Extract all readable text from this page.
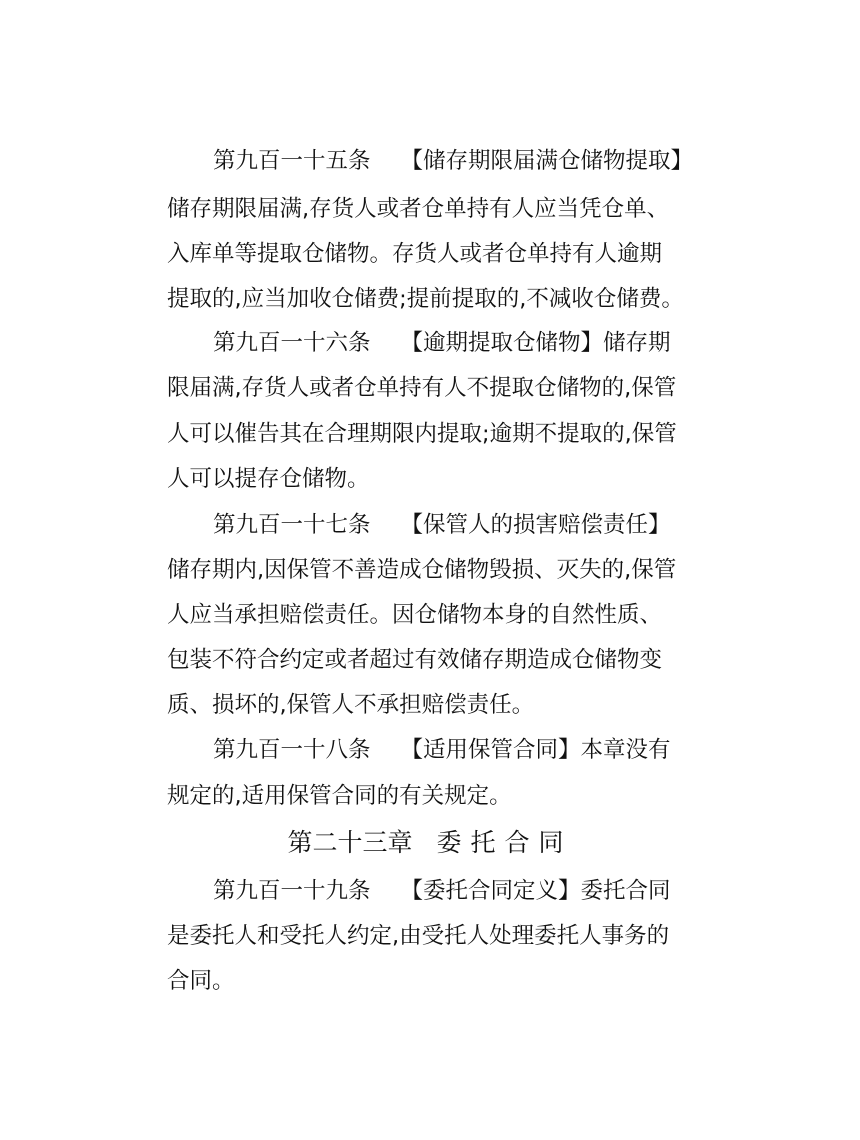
第九百一十五条 【储存期限届满仓储物提取】
储存期限届满,存货人或者仓单持有人应当凭仓单、
入库单等提取仓储物。存货人或者仓单持有人逾期
提取的,应当加收仓储费;提前提取的,不减收仓储费。
第九百一十六条 【逾期提取仓储物】储存期
限届满,存货人或者仓单持有人不提取仓储物的,保管
人可以催告其在合理期限内提取;逾期不提取的,保管
人可以提存仓储物。
第九百一十七条 【保管人的损害赔偿责任】
储存期内,因保管不善造成仓储物毁损、灭失的,保管
人应当承担赔偿责任。因仓储物本身的自然性质、
包装不符合约定或者超过有效储存期造成仓储物变
质、损坏的,保管人不承担赔偿责任。
第九百一十八条 【适用保管合同】本章没有
规定的,适用保管合同的有关规定。
第二十三章 委托合同
第九百一十九条 【委托合同定义】委托合同
是委托人和受托人约定,由受托人处理委托人事务的
合同。
